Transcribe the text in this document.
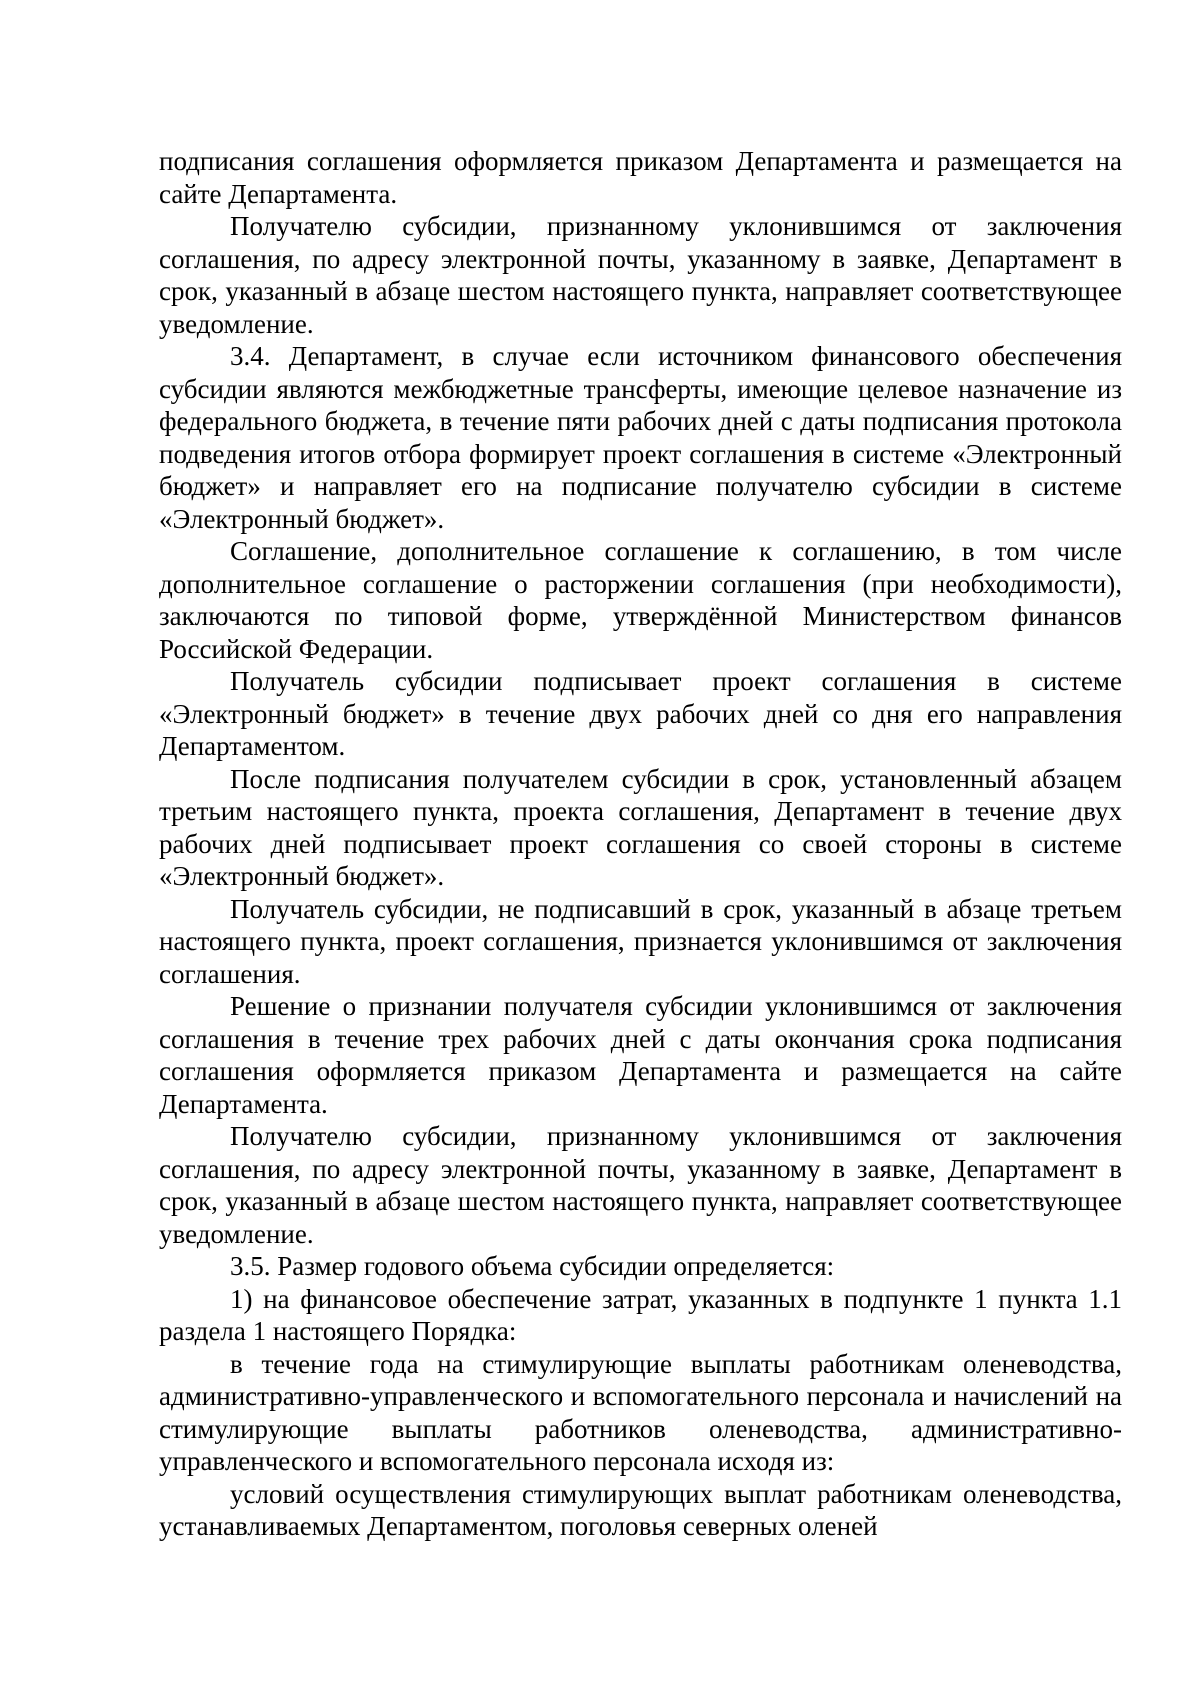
подписания соглашения оформляется приказом Департамента и размещается на сайте Департамента.

Получателю субсидии, признанному уклонившимся от заключения соглашения, по адресу электронной почты, указанному в заявке, Департамент в срок, указанный в абзаце шестом настоящего пункта, направляет соответствующее уведомление.

3.4. Департамент, в случае если источником финансового обеспечения субсидии являются межбюджетные трансферты, имеющие целевое назначение из федерального бюджета, в течение пяти рабочих дней с даты подписания протокола подведения итогов отбора формирует проект соглашения в системе «Электронный бюджет» и направляет его на подписание получателю субсидии в системе «Электронный бюджет».

Соглашение, дополнительное соглашение к соглашению, в том числе дополнительное соглашение о расторжении соглашения (при необходимости), заключаются по типовой форме, утверждённой Министерством финансов Российской Федерации.

Получатель субсидии подписывает проект соглашения в системе «Электронный бюджет» в течение двух рабочих дней со дня его направления Департаментом.

После подписания получателем субсидии в срок, установленный абзацем третьим настоящего пункта, проекта соглашения, Департамент в течение двух рабочих дней подписывает проект соглашения со своей стороны в системе «Электронный бюджет».

Получатель субсидии, не подписавший в срок, указанный в абзаце третьем настоящего пункта, проект соглашения, признается уклонившимся от заключения соглашения.

Решение о признании получателя субсидии уклонившимся от заключения соглашения в течение трех рабочих дней с даты окончания срока подписания соглашения оформляется приказом Департамента и размещается на сайте Департамента.

Получателю субсидии, признанному уклонившимся от заключения соглашения, по адресу электронной почты, указанному в заявке, Департамент в срок, указанный в абзаце шестом настоящего пункта, направляет соответствующее уведомление.

3.5. Размер годового объема субсидии определяется:

1) на финансовое обеспечение затрат, указанных в подпункте 1 пункта 1.1 раздела 1 настоящего Порядка:

в течение года на стимулирующие выплаты работникам оленеводства, административно-управленческого и вспомогательного персонала и начислений на стимулирующие выплаты работников оленеводства, административно-управленческого и вспомогательного персонала исходя из:

условий осуществления стимулирующих выплат работникам оленеводства, устанавливаемых Департаментом, поголовья северных оленей
